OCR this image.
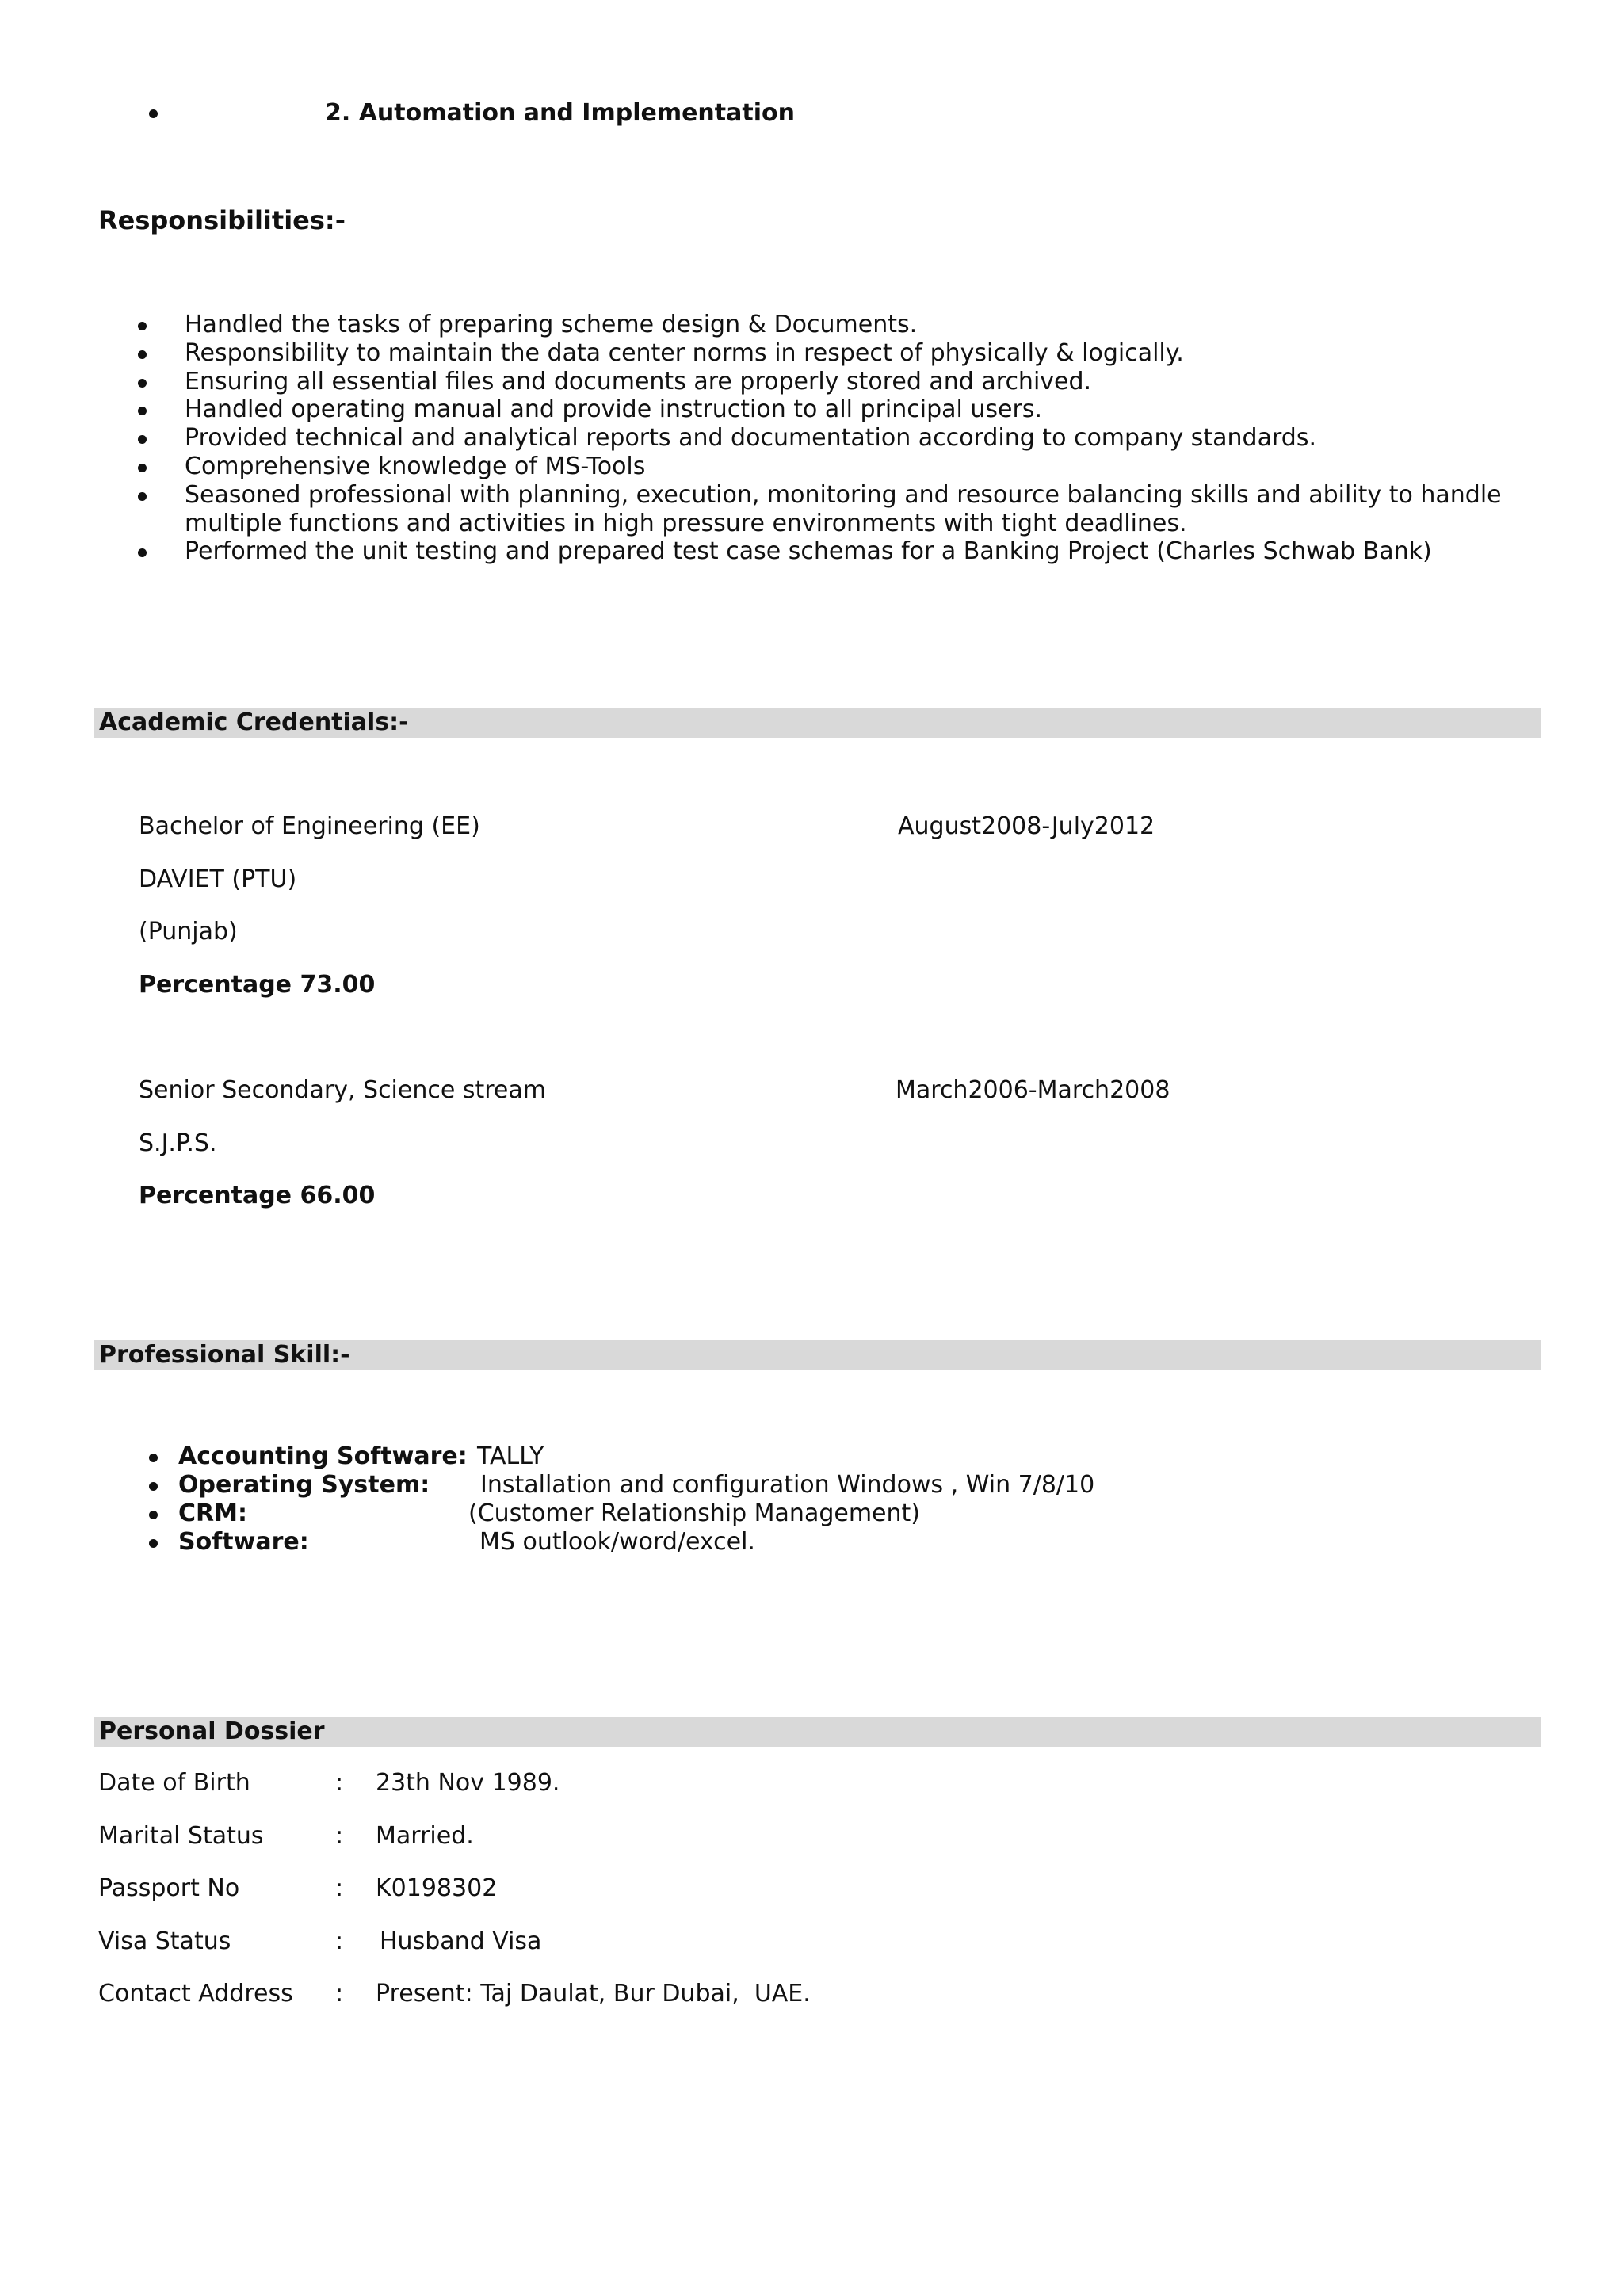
2. Automation and Implementation
Responsibilities:-
Handled the tasks of preparing scheme design & Documents.
Responsibility to maintain the data center norms in respect of physically & logically.
Ensuring all essential files and documents are properly stored and archived.
Handled operating manual and provide instruction to all principal users.
Provided technical and analytical reports and documentation according to company standards.
Comprehensive knowledge of MS-Tools
Seasoned professional with planning, execution, monitoring and resource balancing skills and ability to handle multiple functions and activities in high pressure environments with tight deadlines.
Performed the unit testing and prepared test case schemas for a Banking Project (Charles Schwab Bank)
Academic Credentials:-
Bachelor of Engineering (EE)	August2008-July2012
DAVIET (PTU)
(Punjab)
Percentage 73.00
Senior Secondary, Science stream	March2006-March2008
S.J.P.S.
Percentage 66.00
Professional Skill:-
Accounting Software: TALLY
Operating System: Installation and configuration Windows , Win 7/8/10
CRM:	(Customer Relationship Management)
Software:	MS outlook/word/excel.
Personal Dossier
Date of Birth	: 23th Nov 1989.
Marital Status	: Married.
Passport No	: K0198302
Visa Status	: Husband Visa
Contact Address : Present: Taj Daulat, Bur Dubai,  UAE.
